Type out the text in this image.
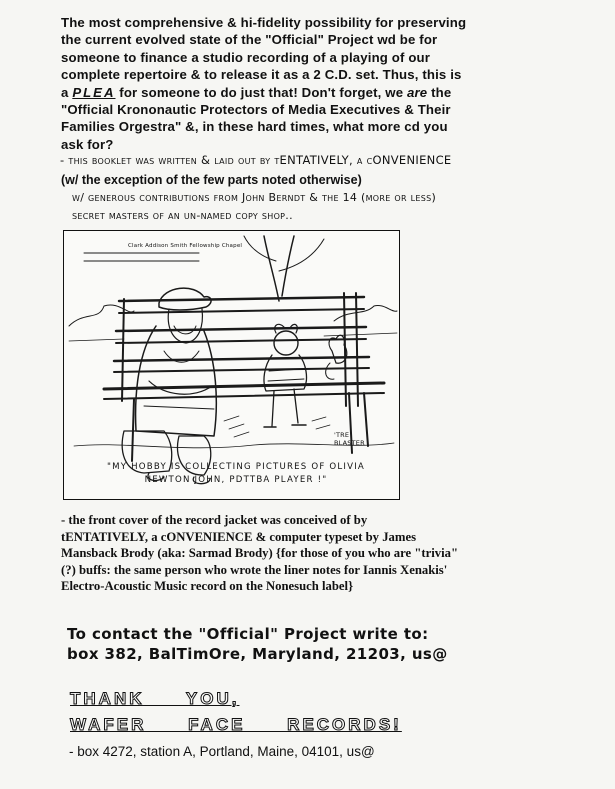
The most comprehensive & hi-fidelity possibility for preserving
the current evolved state of the "Official" Project wd be for
someone to finance a studio recording of a playing of our
complete repertoire & to release it as a 2 C.D. set. Thus, this is
a PLEA for someone to do just that! Don't forget, we are the
"Official Krononautic Protectors of Media Executives & Their
Families Orgestra" &, in these hard times, what more cd you
ask for?
- this booklet was written & laid out by tENTATIVELY, a cONVENIENCE
(w/ the exception of the few parts noted otherwise)
w/ generous contributions from John Berndt & the 14 (more or less)
secret masters of an un-named copy shop..
Clark Addison Smith Fellowship Chapel
'TRE
BLASTER
"MY HOBBY IS COLLECTING PICTURES OF OLIVIA
NEWTON JOHN, PDTTBA PLAYER !"
- the front cover of the record jacket was conceived of by
tENTATIVELY, a cONVENIENCE & computer typeset by James
Mansback Brody (aka: Sarmad Brody) {for those of you who are "trivia"
(?) buffs: the same person who wrote the liner notes for Iannis Xenakis'
Electro-Acoustic Music record on the Nonesuch label}
To contact the "Official" Project write to:
box 382, BalTimOre, Maryland, 21203, us@
THANK YOU,
WAFER FACE RECORDS!
- box 4272, station A, Portland, Maine, 04101, us@
